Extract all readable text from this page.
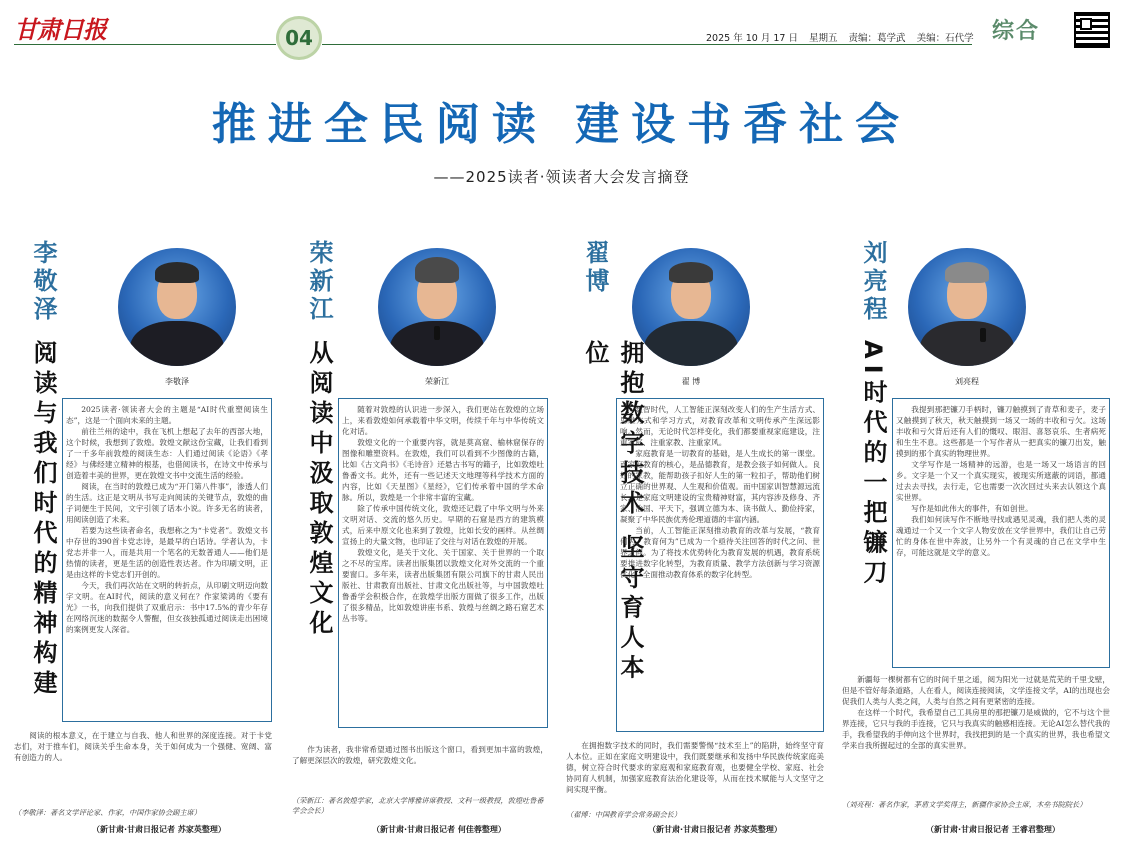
甘肃日报	04	2025 年 10 月 17 日 星期五 责编：葛学武 美编：石代学 综合
推进全民阅读 建设书香社会
——2025读者·领读者大会发言摘登
李敬泽
阅读与我们时代的精神构建	李敬泽

2025读者·领读者大会的主题是“AI时代重塑阅读生态”，这是一个面向未来的主题。

前往兰州的途中，我在飞机上想起了去年的西部大地，这个时候，我想到了敦煌。敦煌文献这份宝藏，让我们看到了一千多年前敦煌的阅读生态：人们通过阅读《论语》《孝经》与佛经建立精神的根基，也借阅读书，在诗文中传承与创造着丰美的世界，更在敦煌文书中交流生活的经验。

阅读，在当时的敦煌已成为“开门第八件事”，渗透人们的生活。这正是文明从书写走向阅读的关键节点，敦煌的曲子词便生于民间，文宇引领了话本小说。许多无名的读者，用阅读创造了未来。

若要为这些读者命名，我想称之为“卡党者”。敦煌文书中存世的390首卡党志诗，是最早的白话诗。学者认为，卡党志并非一人，而是共用一个笔名的无数普通人——他们是热情的读者，更是生活的创造性表达者。作为印刷文明，正是由这样的卡党志们开创的。

今天，我们再次站在文明的转折点，从印刷文明迈向数字文明。在AI时代，阅读的意义何在？作家梁鸿的《要有光》一书，向我们提供了双重启示：书中17.5%的青少年存在网络沉迷的数据令人警醒，但女孩独孤通过阅读走出困境的案例更发人深省。

阅读的根本意义，在于建立与自我、他人和世界的深度连接。对于卡党志们，对于推车们，阅读关乎生命本身，关于如何成为一个强健、宽阔、富有创造力的人。

（李敬泽：著名文学评论家、作家，中国作家协会副主席）
（新甘肃·甘肃日报记者 苏家英整理）
荣新江
从阅读中汲取敦煌文化	荣新江

随着对敦煌的认识进一步深入，我们更站在敦煌的立场上，来看敦煌如何承载着中华文明，传续千年与中华传统文化对话。

敦煌文化的一个重要内容，就是莫高窟、榆林窟保存的图像和雕塑资料。在敦煌，我们可以看到不少图像的古籍，比如《古文尚书》《毛诗音》还悬古书写的籍子，比如敦煌吐鲁番文书。此外，还有一些记述天文地理等科学技术方面的内容，比如《天星图》《星经》，它们传承着中国的学术命脉。所以，敦煌是一个非常丰富的宝藏。

除了传承中国传统文化，敦煌还记载了中华文明与外来文明对话、交流的悠久历史。早期的石窟是西方的建筑模式，后来中原文化也来到了敦煌，比如长安的画样。从丝绸宣扬上的大量文物，也印证了交往与对话在敦煌的开展。

敦煌文化，是关于文化、关于国家、关于世界的一个取之不尽的宝库。读者出版集团以敦煌文化对外交流的一个重要窗口。多年来，读者出版集团有限公司旗下的甘肃人民出版社、甘肃教育出版社、甘肃文化出版社等，与中国敦煌吐鲁番学会积极合作，在敦煌学出版方面做了很多工作，出版了很多精品，比如敦煌讲座书系、敦煌与丝绸之路石窟艺术丛书等。

作为读者，我非常希望通过图书出版这个窗口，看到更加丰富的敦煌，了解更深层次的敦煌，研究敦煌文化。

（荣新江：著名敦煌学家，北京大学博雅讲席教授、文科一级教授，敦煌吐鲁番学会会长）
（新甘肃·甘肃日报记者 何佳蓉整理）
翟博
拥抱数字技术 坚守育人本位
翟 博

数智时代，人工智能正深刻改变人们的生产生活方式、思维方式和学习方式，对教育改革和文明传承产生深远影响。然而，无论时代怎样变化，我们都要重视家庭建设，注重家庭、注重家教、注重家风。

家庭教育是一切教育的基础，是人生成长的第一课堂。而家庭教育的核心，是品德教育，是教会孩子如何做人。良好的家教，能帮助孩子扣好人生的第一粒扣子，帮助他们树立正确的世界观、人生观和价值观。而中国家训智慧源远流长，是家庭文明建设的宝贵精神财富，其内容涉及修身、齐家、治国、平天下，强调立德为本、读书做人、勤俭持家，凝聚了中华民族优秀伦理道德的丰富内涵。

当前，人工智能正深刻推动教育的改革与发展，“教育何为、教育何为”已成为一个亟待关注回答的时代之问、世界之问。为了将技术优势转化为教育发展的机遇，教育系统要推进数字化转型，为教育质量、教学方法创新与学习资源优化，全面推动教育体系的数字化转型。

在拥抱数字技术的同时，我们需要警惕“技术至上”的陷阱，始终坚守育人本位。正如在家庭文明建设中，我们既要继承和发扬中华民族传统家庭美德，树立符合时代要求的家庭观和家庭教育观，也要健全学校、家庭、社会协同育人机制，加强家庭教育法治化建设等，从而在技术赋能与人文坚守之间实现平衡。

（翟博：中国教育学会常务副会长）
（新甘肃·甘肃日报记者 苏家英整理）
刘亮程
AI时代的一把镰刀	刘亮程

我提到那把镰刀手柄时，镰刀触摸到了青草和麦子，麦子又触摸到了秋天，秋天触摸到一场又一场的丰收和亏欠。这场丰收和亏欠背后还有人们的慨叹、眼泪、喜怒哀乐、生者病死和生生不息。这些都是一个写作者从一把真实的镰刀出发，触摸到的那个真实的物理世界。

文学写作是一场精神的远游，也是一场又一场语言的回乡。文字是一个又一个真实现实，被现实所遮蔽的词语，都通过去去寻找，去行走，它也需要一次次回过头来去认领这个真实世界。

写作是如此伟大的事件，有如创世。

我们如何读写作不断地寻找或遇见灵魂，我们把人类的灵魂通过一个又一个文字人物安放在文学世界中，我们让自己劳忙的身体在世中奔波，让另外一个有灵魂的自己在文学中生存，可能这就是文学的意义。

新疆每一棵树都有它的时间千里之遥，阅为阳光一过就是荒芜的千里戈壁，但是不管好每条道路，人在看人，阅读连接阅读，文学连接文学，AI的出现也会促我们人类与人类之间，人类与自然之间有更紧密的连接。

在这样一个时代，我希望自己工具房里的那把镰刀是威做的，它不与这个世界连接，它只与我的手连接，它只与我真实的触感相连接。无论AI怎么替代我的手，我希望我的手伸向这个世界时，我找把到的是一个真实的世界，我也希望文学来自我所握起过的全部的真实世界。

（刘亮程：著名作家，茅盾文学奖得主，新疆作家协会主席，木垒书院院长）
（新甘肃·甘肃日报记者 王睿君整理）
